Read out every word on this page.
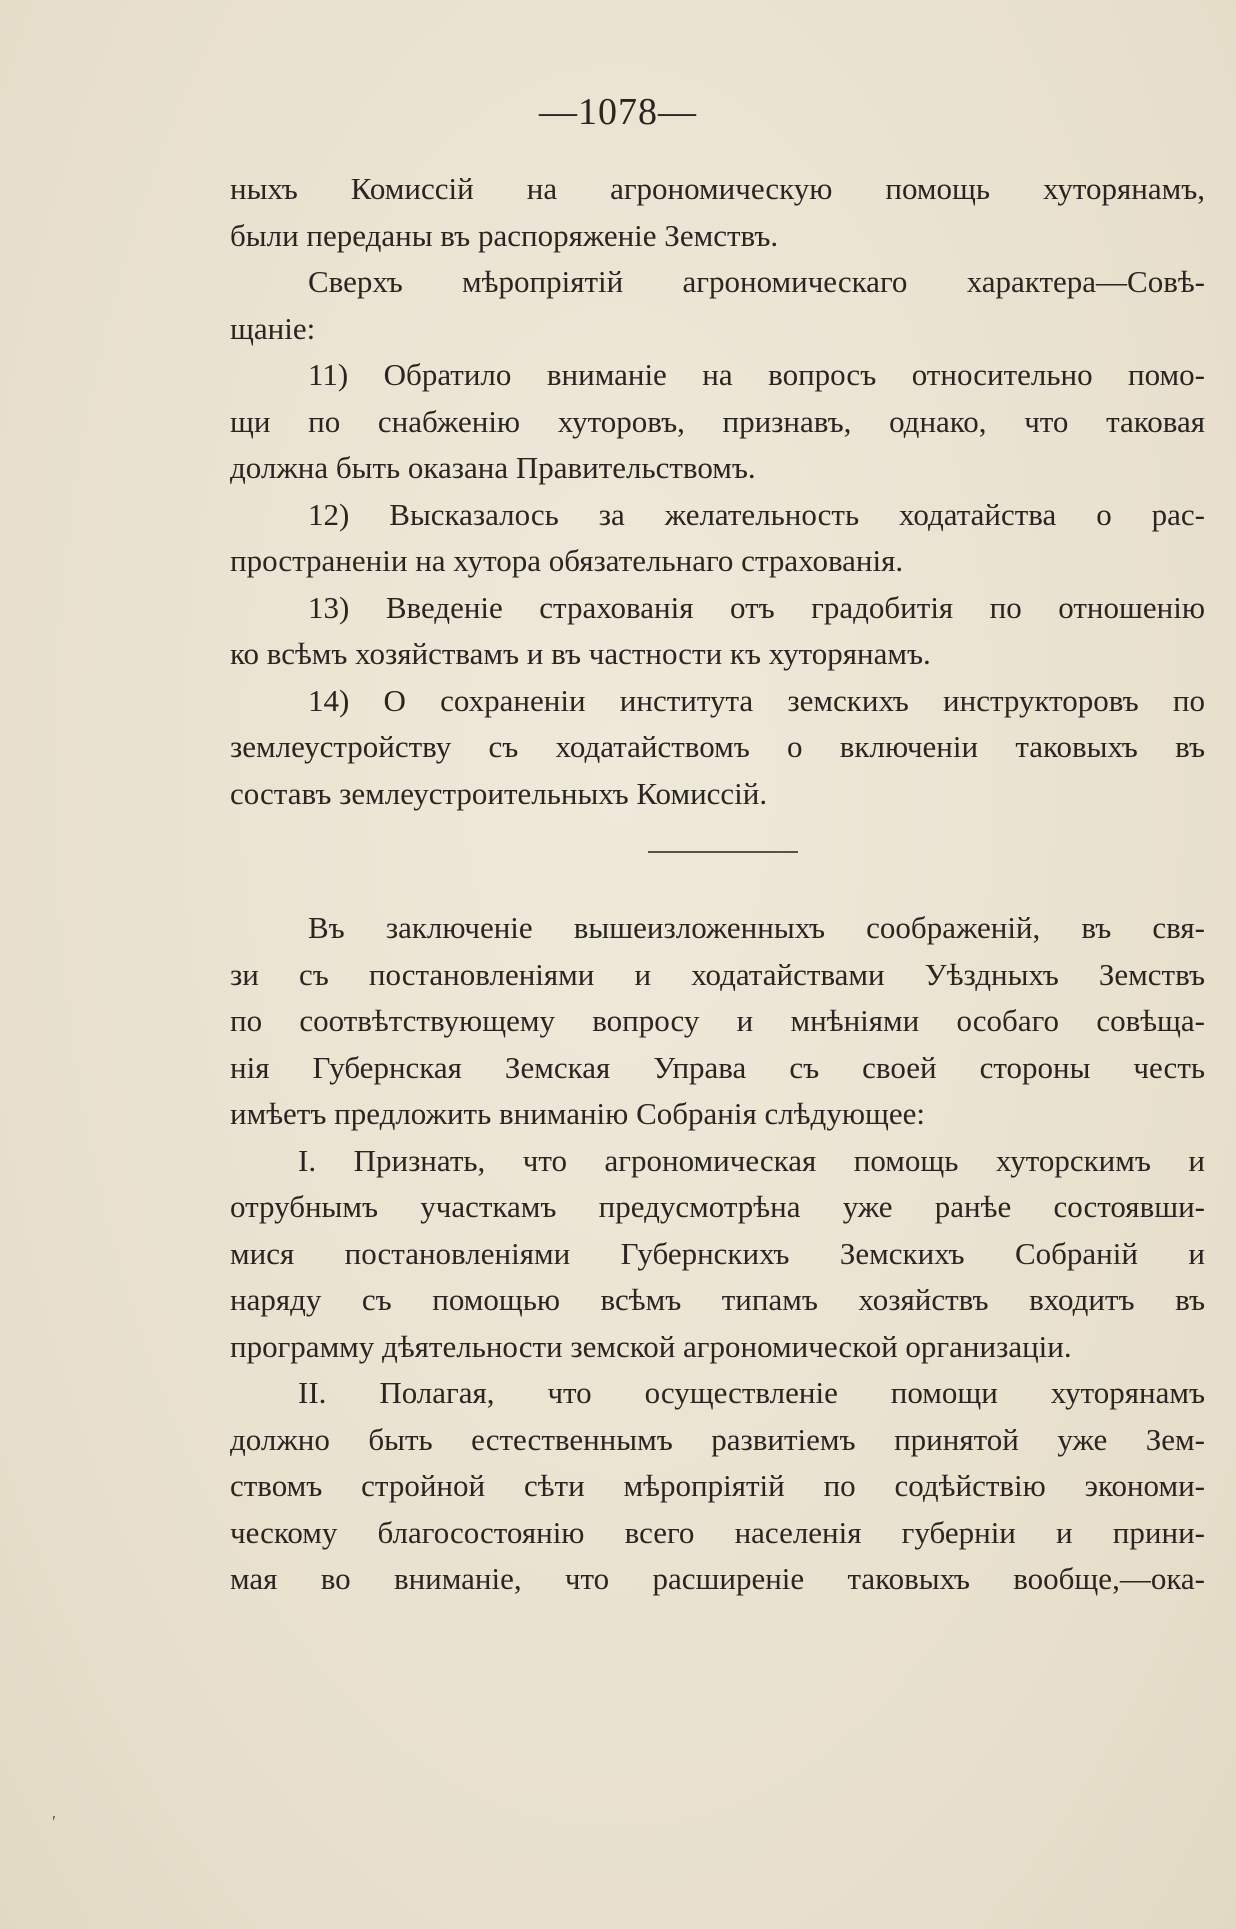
—1078—
ныхъ Комиссій на агрономическую помощь хуторянамъ,
были переданы въ распоряженіе Земствъ.
Сверхъ мѣропріятій агрономическаго характера—Совѣ-
щаніе:
11) Обратило вниманіе на вопросъ относительно помо-
щи по снабженію хуторовъ, признавъ, однако, что таковая
должна быть оказана Правительствомъ.
12) Высказалось за желательность ходатайства о рас-
пространеніи на хутора обязательнаго страхованія.
13) Введеніе страхованія отъ градобитія по отношенію
ко всѣмъ хозяйствамъ и въ частности къ хуторянамъ.
14) О сохраненіи института земскихъ инструкторовъ по
землеустройству съ ходатайствомъ о включеніи таковыхъ въ
составъ землеустроительныхъ Комиссій.
Въ заключеніе вышеизложенныхъ соображеній, въ свя-
зи съ постановленіями и ходатайствами Уѣздныхъ Земствъ
по соотвѣтствующему вопросу и мнѣніями особаго совѣща-
нія Губернская Земская Управа съ своей стороны честь
имѣетъ предложить вниманію Собранія слѣдующее:
I. Признать, что агрономическая помощь хуторскимъ и
отрубнымъ участкамъ предусмотрѣна уже ранѣе состоявши-
мися постановленіями Губернскихъ Земскихъ Собраній и
наряду съ помощью всѣмъ типамъ хозяйствъ входитъ въ
программу дѣятельности земской агрономической организаціи.
II. Полагая, что осуществленіе помощи хуторянамъ
должно быть естественнымъ развитіемъ принятой уже Зем-
ствомъ стройной сѣти мѣропріятій по содѣйствію экономи-
ческому благосостоянію всего населенія губерніи и прини-
мая во вниманіе, что расширеніе таковыхъ вообще,—ока-
′
